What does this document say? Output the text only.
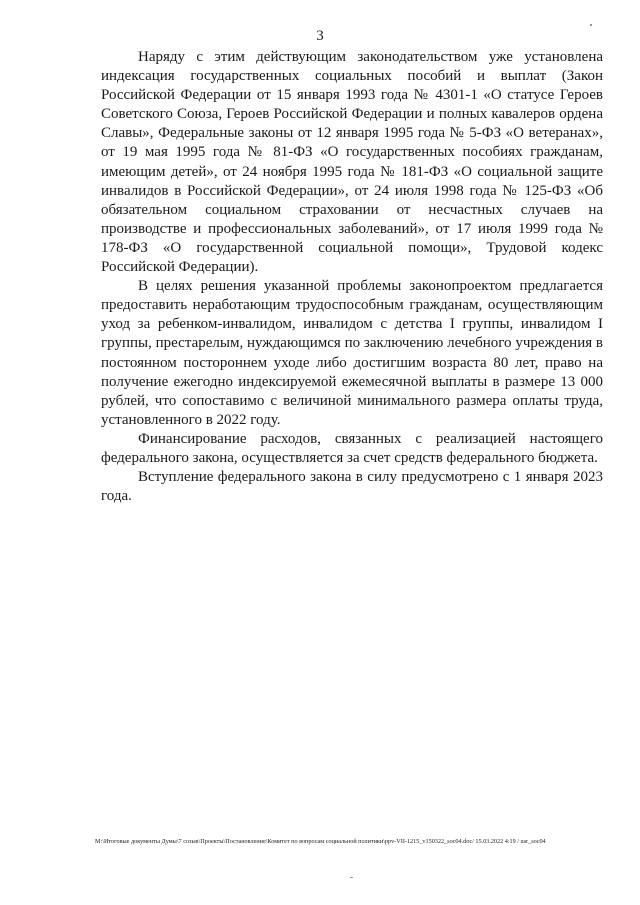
3

Наряду с этим действующим законодательством уже установлена индексация государственных социальных пособий и выплат (Закон Российской Федерации от 15 января 1993 года № 4301-1 «О статусе Героев Советского Союза, Героев Российской Федерации и полных кавалеров ордена Славы», Федеральные законы от 12 января 1995 года № 5-ФЗ «О ветеранах», от 19 мая 1995 года № 81-ФЗ «О государственных пособиях гражданам, имеющим детей», от 24 ноября 1995 года № 181-ФЗ «О социальной защите инвалидов в Российской Федерации», от 24 июля 1998 года № 125-ФЗ «Об обязательном социальном страховании от несчастных случаев на производстве и профессиональных заболеваний», от 17 июля 1999 года № 178-ФЗ «О государственной социальной помощи», Трудовой кодекс Российской Федерации).

В целях решения указанной проблемы законопроектом предлагается предоставить неработающим трудоспособным гражданам, осуществляющим уход за ребенком-инвалидом, инвалидом с детства I группы, инвалидом I группы, престарелым, нуждающимся по заключению лечебного учреждения в постоянном постороннем уходе либо достигшим возраста 80 лет, право на получение ежегодно индексируемой ежемесячной выплаты в размере 13 000 рублей, что сопоставимо с величиной минимального размера оплаты труда, установленного в 2022 году.

Финансирование расходов, связанных с реализацией настоящего федерального закона, осуществляется за счет средств федерального бюджета.

Вступление федерального закона в силу предусмотрено с 1 января 2023 года.

M:\Итоговые документы Думы\7 созыв\Проекты\Постановление\Комитет по вопросам социальной политики\ppv-VII-1215_v150322_soc04.doc/ 15.03.2022 4:19 / usr_soc04
